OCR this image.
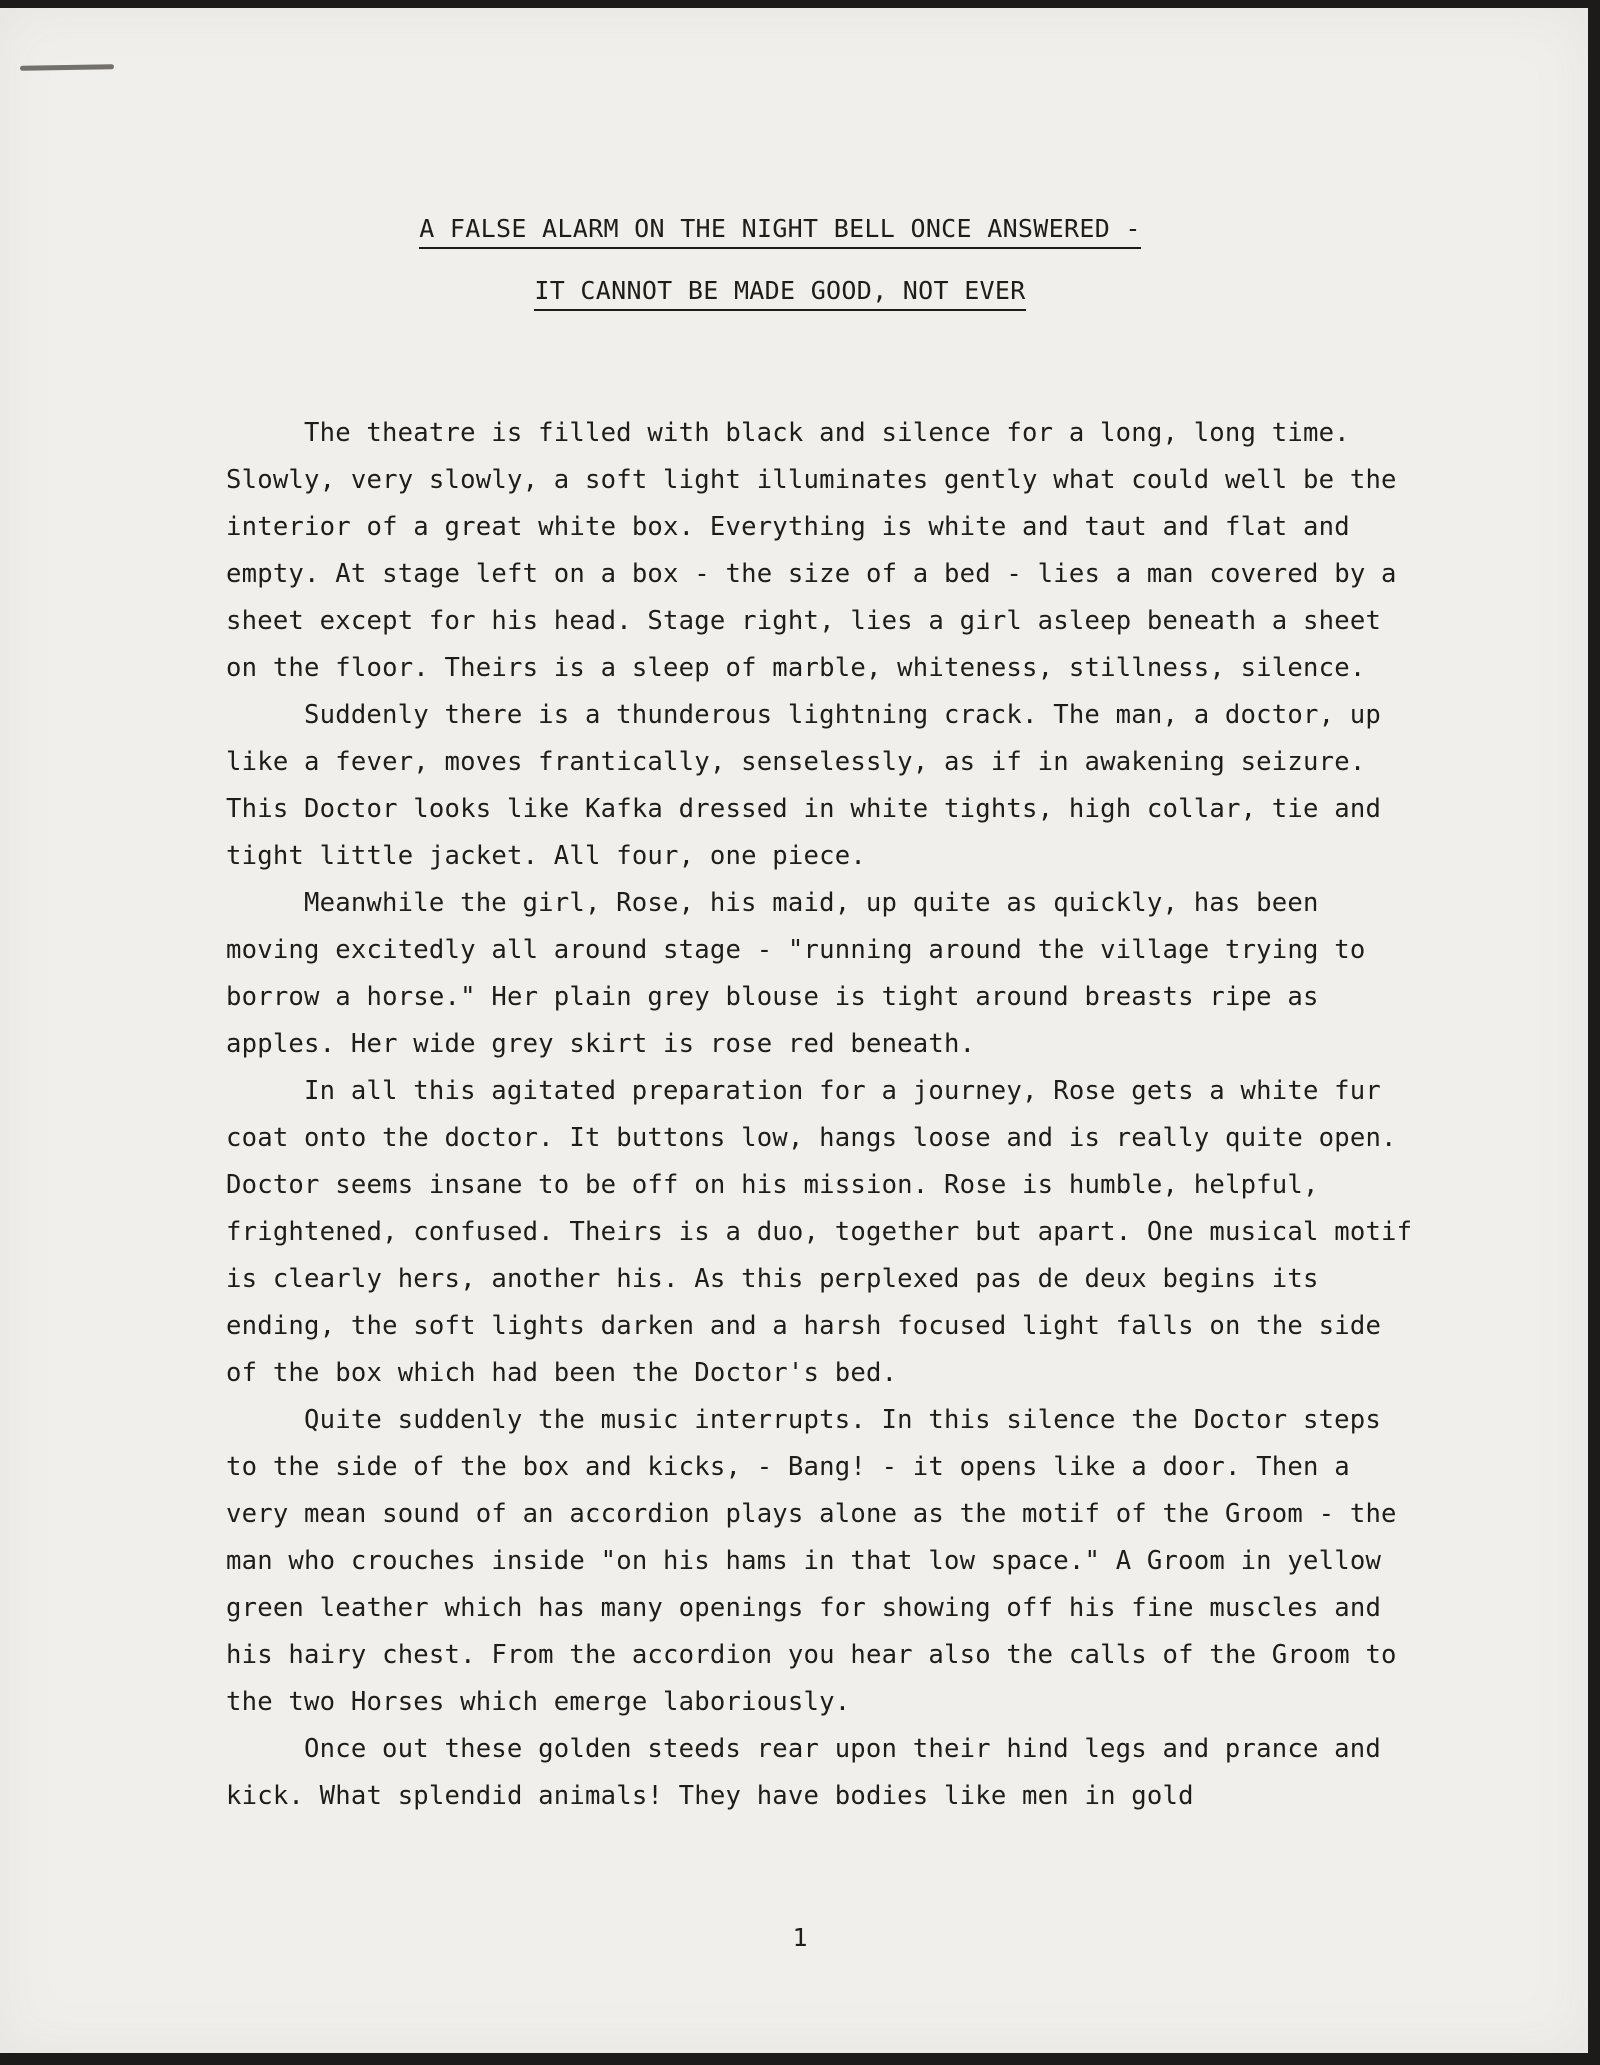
A FALSE ALARM ON THE NIGHT BELL ONCE ANSWERED -
IT CANNOT BE MADE GOOD, NOT EVER

The theatre is filled with black and silence for a long, long time. Slowly, very slowly, a soft light illuminates gently what could well be the interior of a great white box. Everything is white and taut and flat and empty. At stage left on a box - the size of a bed - lies a man covered by a sheet except for his head. Stage right, lies a girl asleep beneath a sheet on the floor. Theirs is a sleep of marble, whiteness, stillness, silence.

Suddenly there is a thunderous lightning crack. The man, a doctor, up like a fever, moves frantically, senselessly, as if in awakening seizure. This Doctor looks like Kafka dressed in white tights, high collar, tie and tight little jacket. All four, one piece.

Meanwhile the girl, Rose, his maid, up quite as quickly, has been moving excitedly all around stage - "running around the village trying to borrow a horse." Her plain grey blouse is tight around breasts ripe as apples. Her wide grey skirt is rose red beneath.

In all this agitated preparation for a journey, Rose gets a white fur coat onto the doctor. It buttons low, hangs loose and is really quite open. Doctor seems insane to be off on his mission. Rose is humble, helpful, frightened, confused. Theirs is a duo, together but apart. One musical motif is clearly hers, another his. As this perplexed pas de deux begins its ending, the soft lights darken and a harsh focused light falls on the side of the box which had been the Doctor's bed.

Quite suddenly the music interrupts. In this silence the Doctor steps to the side of the box and kicks, - Bang! - it opens like a door. Then a very mean sound of an accordion plays alone as the motif of the Groom - the man who crouches inside "on his hams in that low space." A Groom in yellow green leather which has many openings for showing off his fine muscles and his hairy chest. From the accordion you hear also the calls of the Groom to the two Horses which emerge laboriously.

Once out these golden steeds rear upon their hind legs and prance and kick. What splendid animals! They have bodies like men in gold

1
